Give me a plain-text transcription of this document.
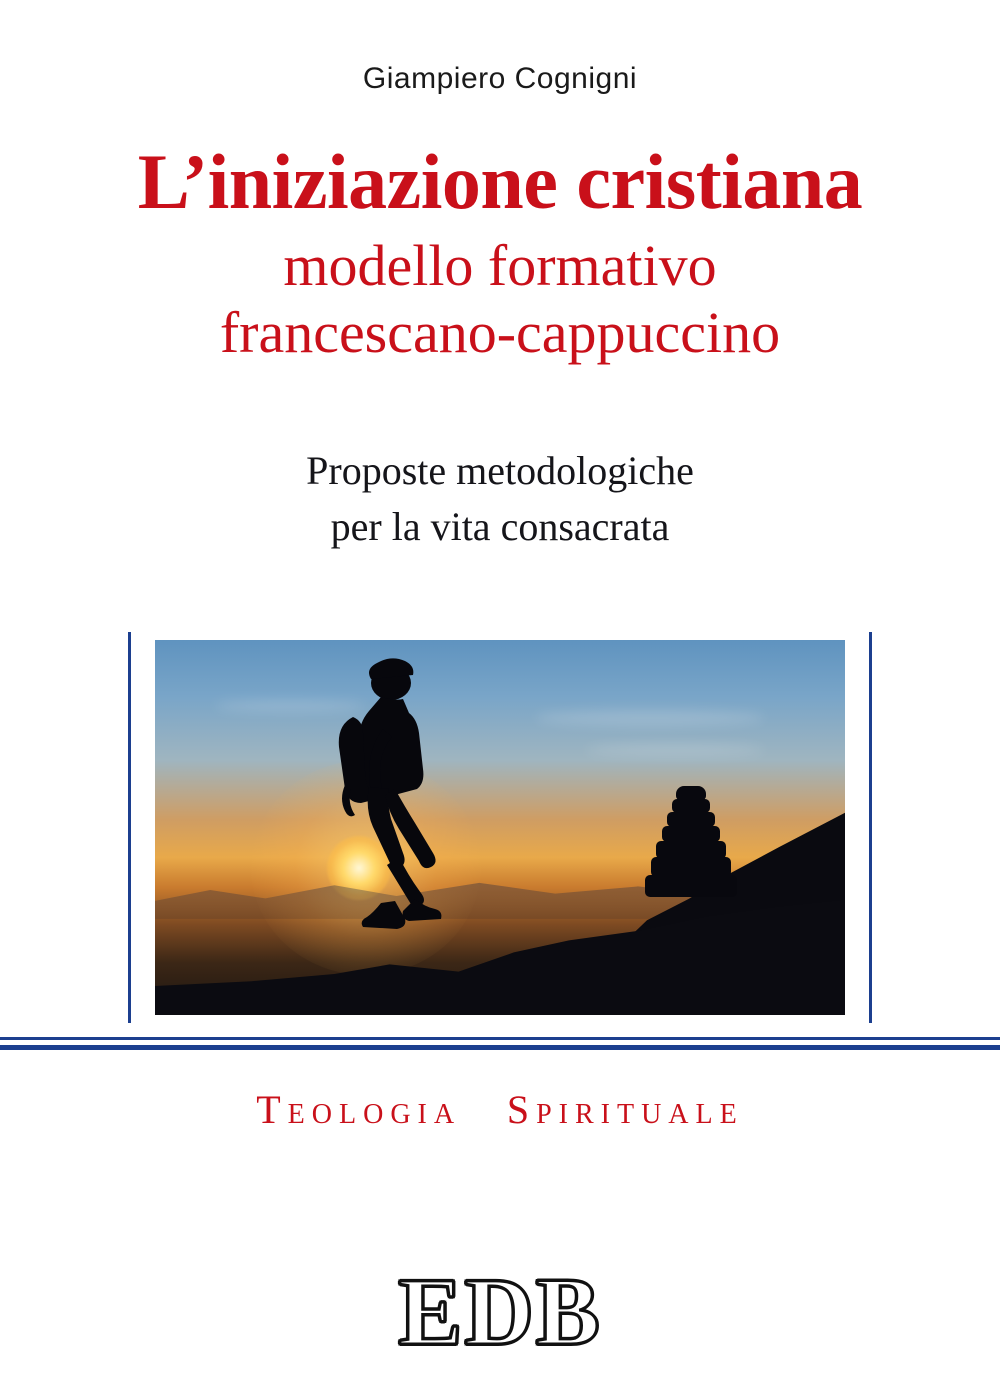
Giampiero Cognigni
L’iniziazione cristiana
modello formativo
francescano-cappuccino
Proposte metodologiche
per la vita consacrata
Teologia Spirituale
EDB
